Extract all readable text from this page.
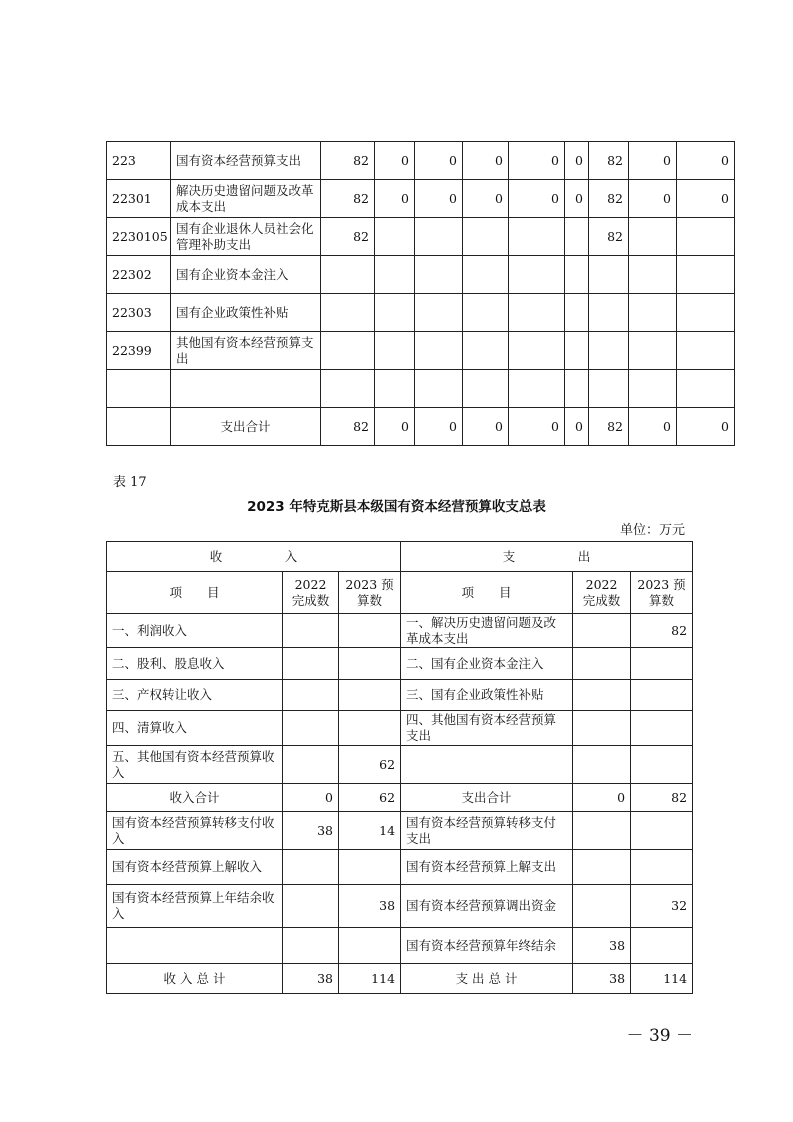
223	国有资本经营预算支出	82	0	0	0	0	0	82	0	0
22301	解决历史遗留问题及改革成本支出	82	0	0	0	0	0	82	0	0
2230105	国有企业退休人员社会化管理补助支出	82						82		
22302	国有企业资本金注入									
22303	国有企业政策性补贴									
22399	其他国有资本经营预算支出									

	支出合计	82	0	0	0	0	0	82	0	0
表 17
2023 年特克斯县本级国有资本经营预算收支总表
单位：万元
收　　　　　入			支　　　　　出		
项　　目	2022 完成数	2023 预算数	项　　目	2022 完成数	2023 预算数
一、利润收入			一、解决历史遗留问题及改革成本支出		82
二、股利、股息收入			二、国有企业资本金注入		
三、产权转让收入			三、国有企业政策性补贴		
四、清算收入			四、其他国有资本经营预算支出		
五、其他国有资本经营预算收入		62			
收入合计	0	62	支出合计	0	82
国有资本经营预算转移支付收入	38	14	国有资本经营预算转移支付支出		
国有资本经营预算上解收入			国有资本经营预算上解支出		
国有资本经营预算上年结余收入		38	国有资本经营预算调出资金		32
			国有资本经营预算年终结余	38	
收 入 总 计	38	114	支 出 总 计	38	114
－ 39 －
